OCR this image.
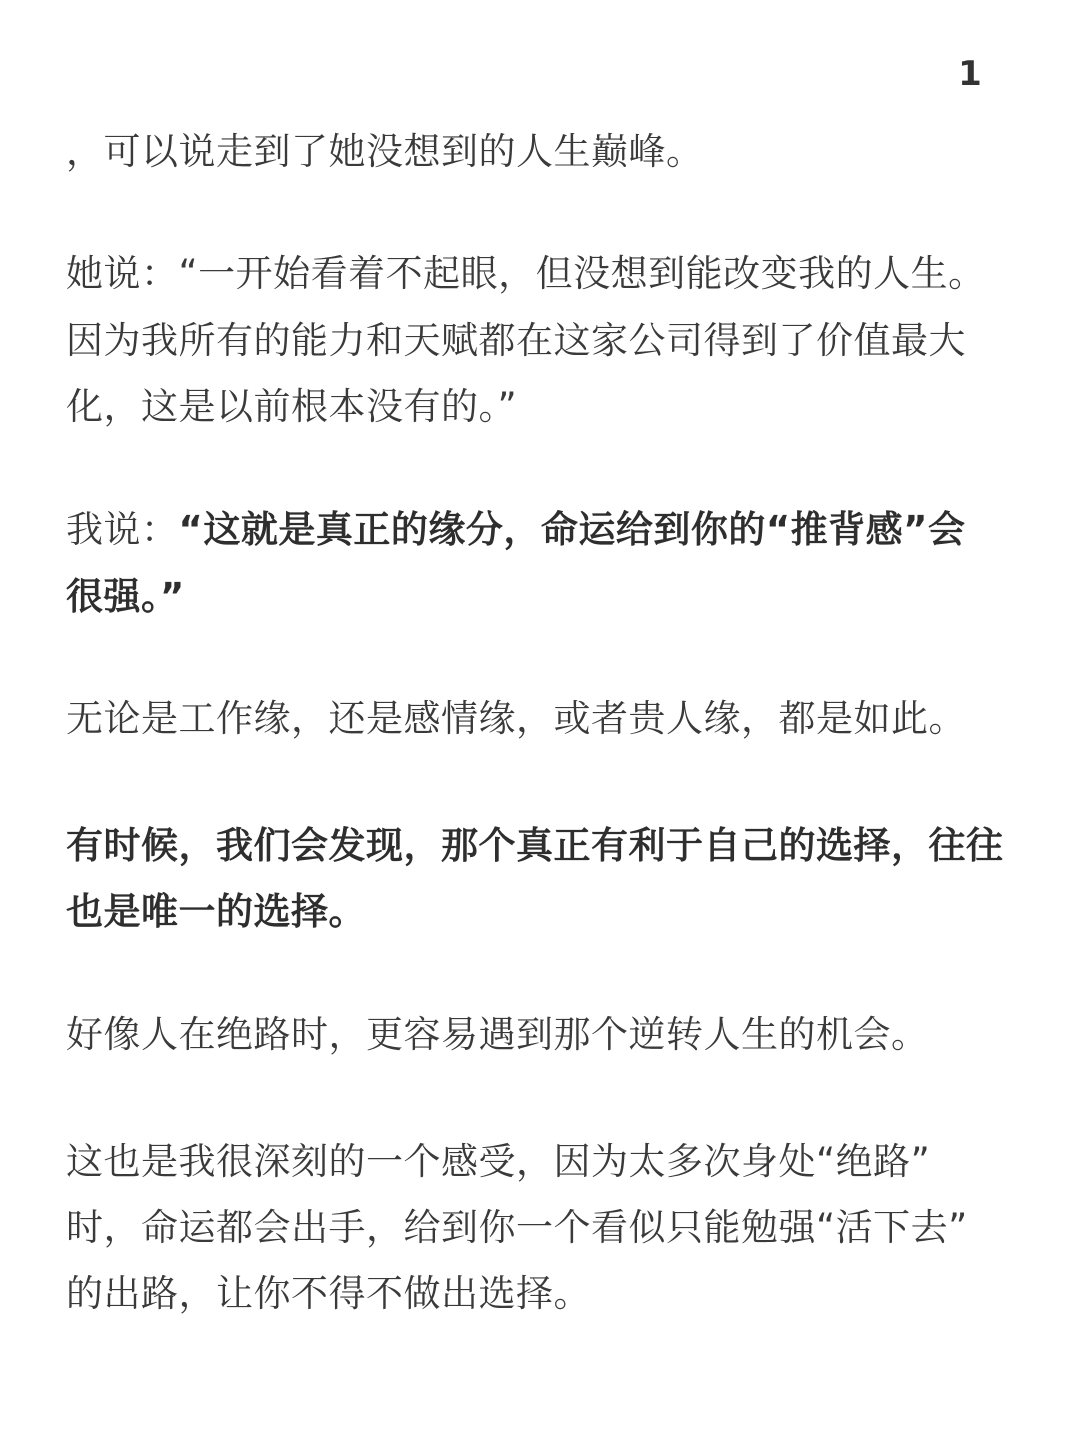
1
，可以说走到了她没想到的人生巅峰。
她说：“一开始看着不起眼，但没想到能改变我的人生。
因为我所有的能力和天赋都在这家公司得到了价值最大
化，这是以前根本没有的。”
我说：“这就是真正的缘分，命运给到你的“推背感”会
很强。”
无论是工作缘，还是感情缘，或者贵人缘，都是如此。
有时候，我们会发现，那个真正有利于自己的选择，往往
也是唯一的选择。
好像人在绝路时，更容易遇到那个逆转人生的机会。
这也是我很深刻的一个感受，因为太多次身处“绝路”
时，命运都会出手，给到你一个看似只能勉强“活下去”
的出路，让你不得不做出选择。
